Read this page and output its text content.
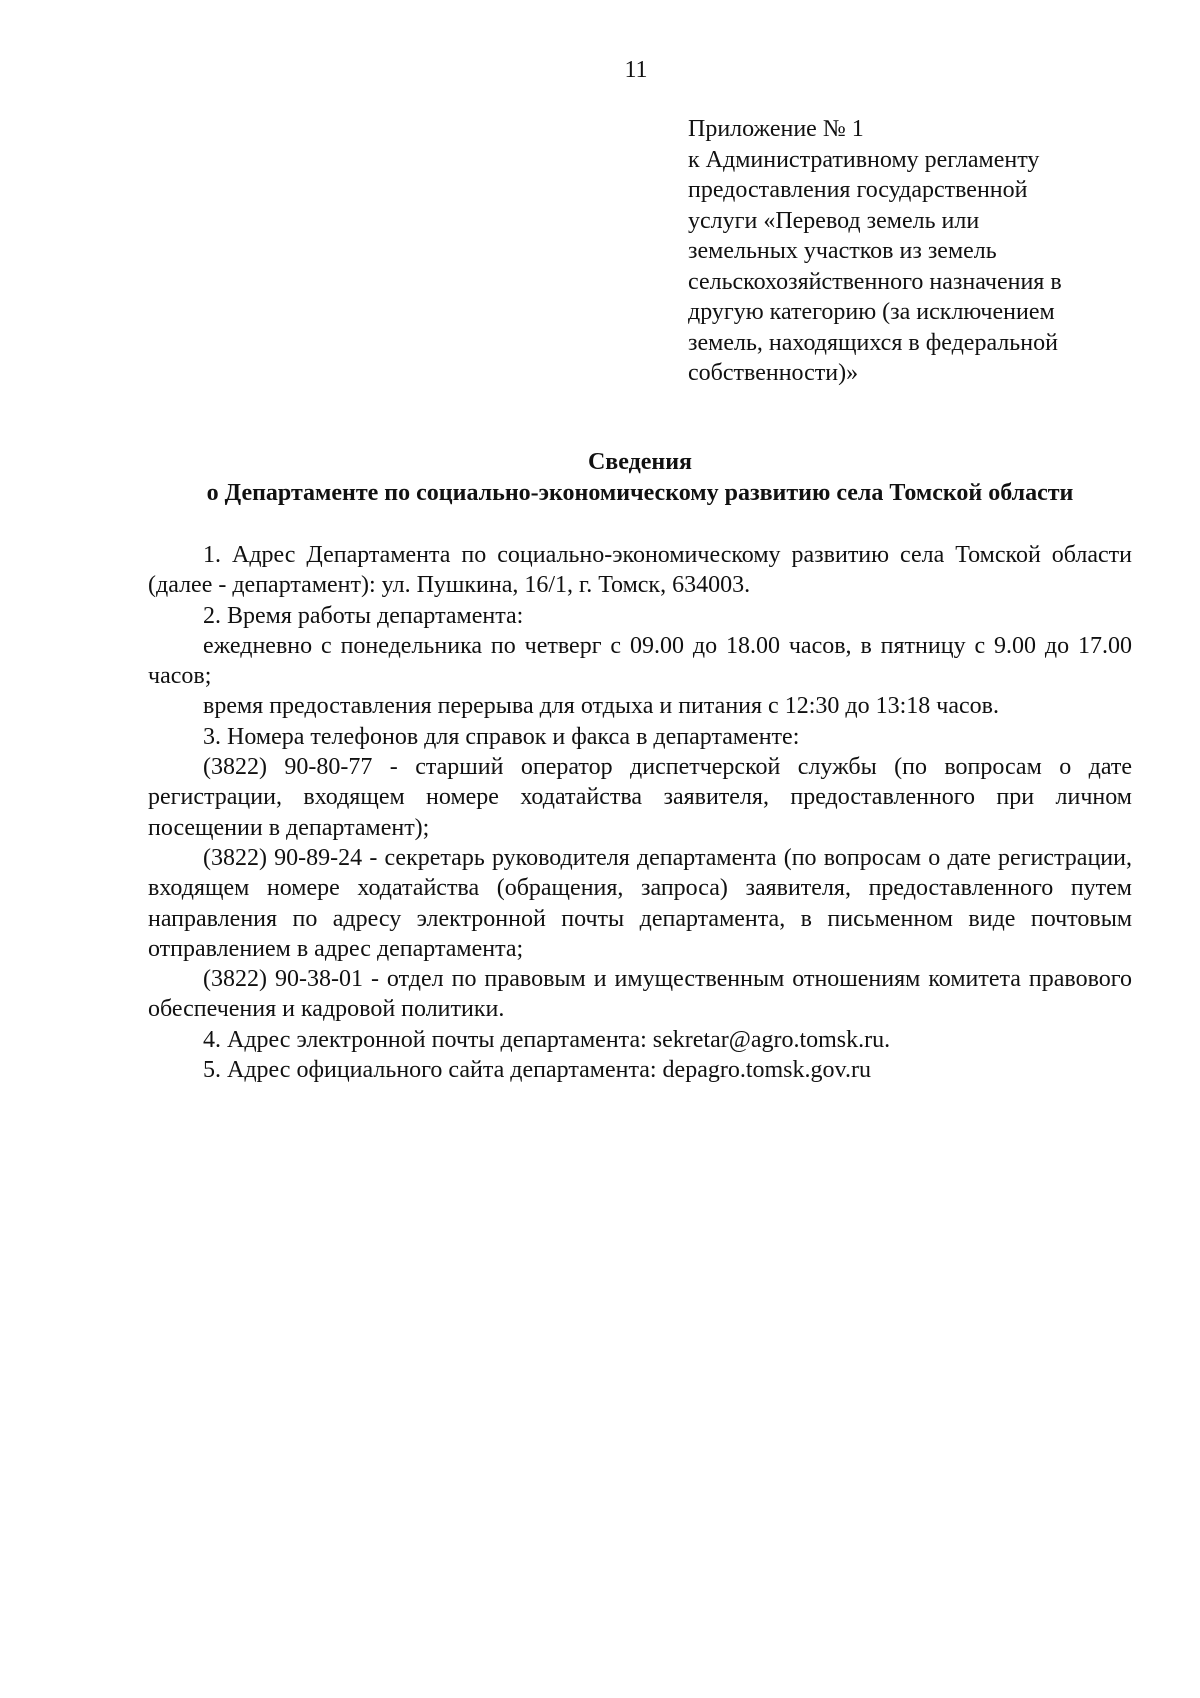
11
Приложение № 1
к Административному регламенту
предоставления государственной
услуги «Перевод земель или
земельных участков из земель
сельскохозяйственного назначения в
другую категорию (за исключением
земель, находящихся в федеральной
собственности)»
Сведения
о Департаменте по социально-экономическому развитию села Томской области

1. Адрес Департамента по социально-экономическому развитию села Томской области (далее - департамент): ул. Пушкина, 16/1, г. Томск, 634003.

2. Время работы департамента:

ежедневно с понедельника по четверг с 09.00 до 18.00 часов, в пятницу с 9.00 до 17.00 часов;

время предоставления перерыва для отдыха и питания с 12:30 до 13:18 часов.

3. Номера телефонов для справок и факса в департаменте:

(3822) 90-80-77 - старший оператор диспетчерской службы (по вопросам о дате регистрации, входящем номере ходатайства заявителя, предоставленного при личном посещении в департамент);

(3822) 90-89-24 - секретарь руководителя департамента (по вопросам о дате регистрации, входящем номере ходатайства (обращения, запроса) заявителя, предоставленного путем направления по адресу электронной почты департамента, в письменном виде почтовым отправлением в адрес департамента;

(3822) 90-38-01 - отдел по правовым и имущественным отношениям комитета правового обеспечения и кадровой политики.

4. Адрес электронной почты департамента: sekretar@agro.tomsk.ru.

5. Адрес официального сайта департамента: depagro.tomsk.gov.ru
